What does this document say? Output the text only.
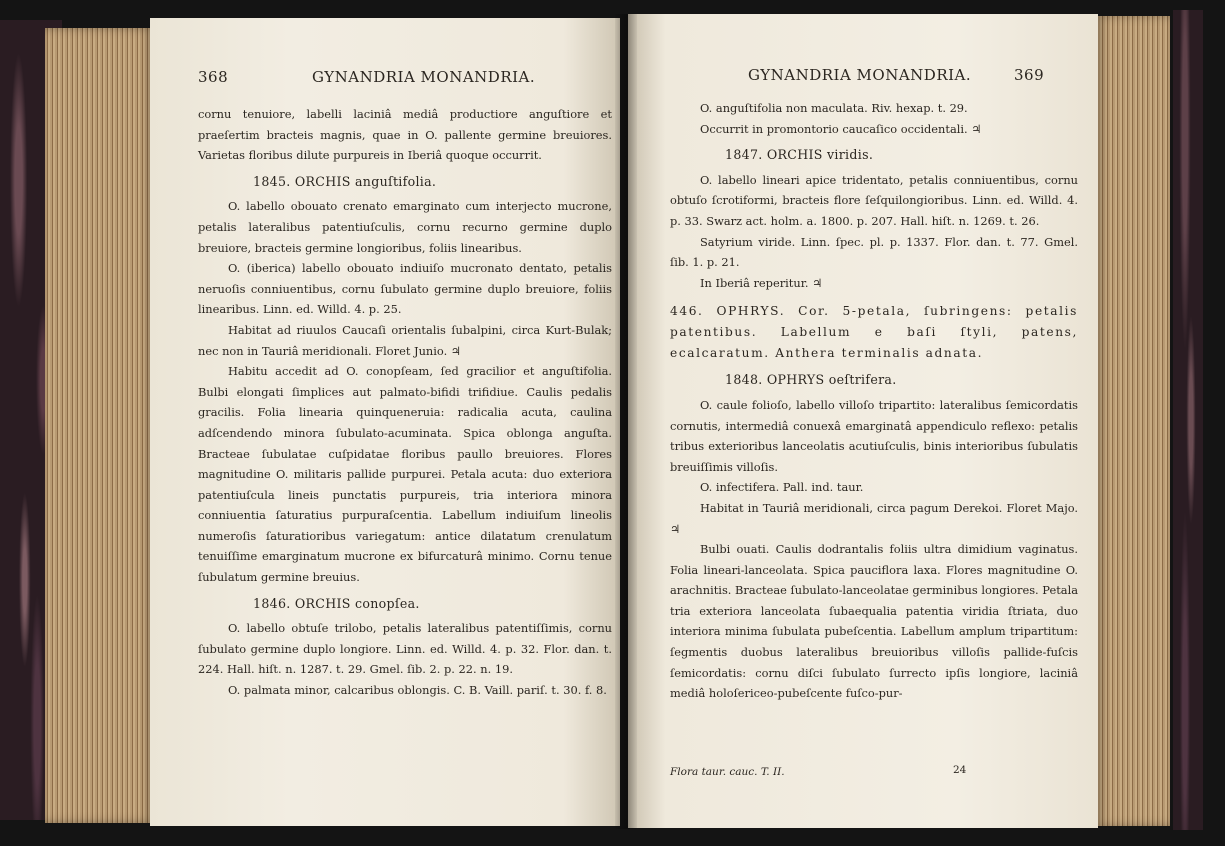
368	GYNANDRIA MONANDRIA.

cornu tenuiore, labelli laciniâ mediâ productiore anguſtiore et praeſertim bracteis magnis, quae in O. pallente germine breuiores. Varietas floribus dilute purpureis in Iberiâ quoque occurrit.

1845. ORCHIS anguſtifolia.

O. labello obouato crenato emarginato cum interjecto mucrone, petalis lateralibus patentiuſculis, cornu recurno germine duplo breuiore, bracteis germine longioribus, foliis linearibus.

O. (iberica) labello obouato indiuiſo mucronato dentato, petalis neruoſis conniuentibus, cornu ſubulato germine duplo breuiore, foliis linearibus. Linn. ed. Willd. 4. p. 25.

Habitat ad riuulos Caucaſi orientalis ſubalpini, circa Kurt-Bulak; nec non in Tauriâ meridionali. Floret Junio. ♃

Habitu accedit ad O. conopſeam, ſed gracilior et anguſtifolia. Bulbi elongati ſimplices aut palmato-bifidi trifidiue. Caulis pedalis gracilis. Folia linearia quinqueneruia: radicalia acuta, caulina adſcendendo minora ſubulato-acuminata. Spica oblonga anguſta. Bracteae ſubulatae cuſpidatae floribus paullo breuiores. Flores magnitudine O. militaris pallide purpurei. Petala acuta: duo exteriora patentiuſcula lineis punctatis purpureis, tria interiora minora conniuentia ſaturatius purpuraſcentia. Labellum indiuiſum lineolis numeroſis ſaturatioribus variegatum: antice dilatatum crenulatum tenuiſſime emarginatum mucrone ex bifurcaturâ minimo. Cornu tenue ſubulatum germine breuius.

1846. ORCHIS conopſea.

O. labello obtuſe trilobo, petalis lateralibus patentiſſimis, cornu ſubulato germine duplo longiore. Linn. ed. Willd. 4. p. 32. Flor. dan. t. 224. Hall. hiſt. n. 1287. t. 29. Gmel. ſib. 2. p. 22. n. 19.

O. palmata minor, calcaribus oblongis. C. B. Vaill. pariſ. t. 30. f. 8.

GYNANDRIA MONANDRIA.	369

O. anguſtifolia non maculata. Riv. hexap. t. 29.

Occurrit in promontorio caucaſico occidentali. ♃

1847. ORCHIS viridis.

O. labello lineari apice tridentato, petalis conniuentibus, cornu obtuſo ſcrotiformi, bracteis flore ſeſquilongioribus. Linn. ed. Willd. 4. p. 33. Swarz act. holm. a. 1800. p. 207. Hall. hiſt. n. 1269. t. 26.

Satyrium viride. Linn. ſpec. pl. p. 1337. Flor. dan. t. 77. Gmel. ſib. 1. p. 21.

In Iberiâ reperitur. ♃

446. OPHRYS. Cor. 5-petala, ſubringens: petalis patentibus. Labellum e baſi ſtyli, patens, ecalcaratum. Anthera terminalis adnata.

1848. OPHRYS oeſtrifera.

O. caule folioſo, labello villoſo tripartito: lateralibus ſemicordatis cornutis, intermediâ conuexâ emarginatâ appendiculo reflexo: petalis tribus exterioribus lanceolatis acutiuſculis, binis interioribus ſubulatis breuiſſimis villoſis.

O. infectifera. Pall. ind. taur.

Habitat in Tauriâ meridionali, circa pagum Derekoi. Floret Majo. ♃

Bulbi ouati. Caulis dodrantalis foliis ultra dimidium vaginatus. Folia lineari-lanceolata. Spica pauciflora laxa. Flores magnitudine O. arachnitis. Bracteae ſubulato-lanceolatae germinibus longiores. Petala tria exteriora lanceolata ſubaequalia patentia viridia ſtriata, duo interiora minima ſubulata pubeſcentia. Labellum amplum tripartitum: ſegmentis duobus lateralibus breuioribus villoſis pallide-fuſcis ſemicordatis: cornu diſci ſubulato ſurrecto ipſis longiore, laciniâ mediâ holoſericeo-pubeſcente fuſco-pur-

Flora taur. cauc. T. II.	24
